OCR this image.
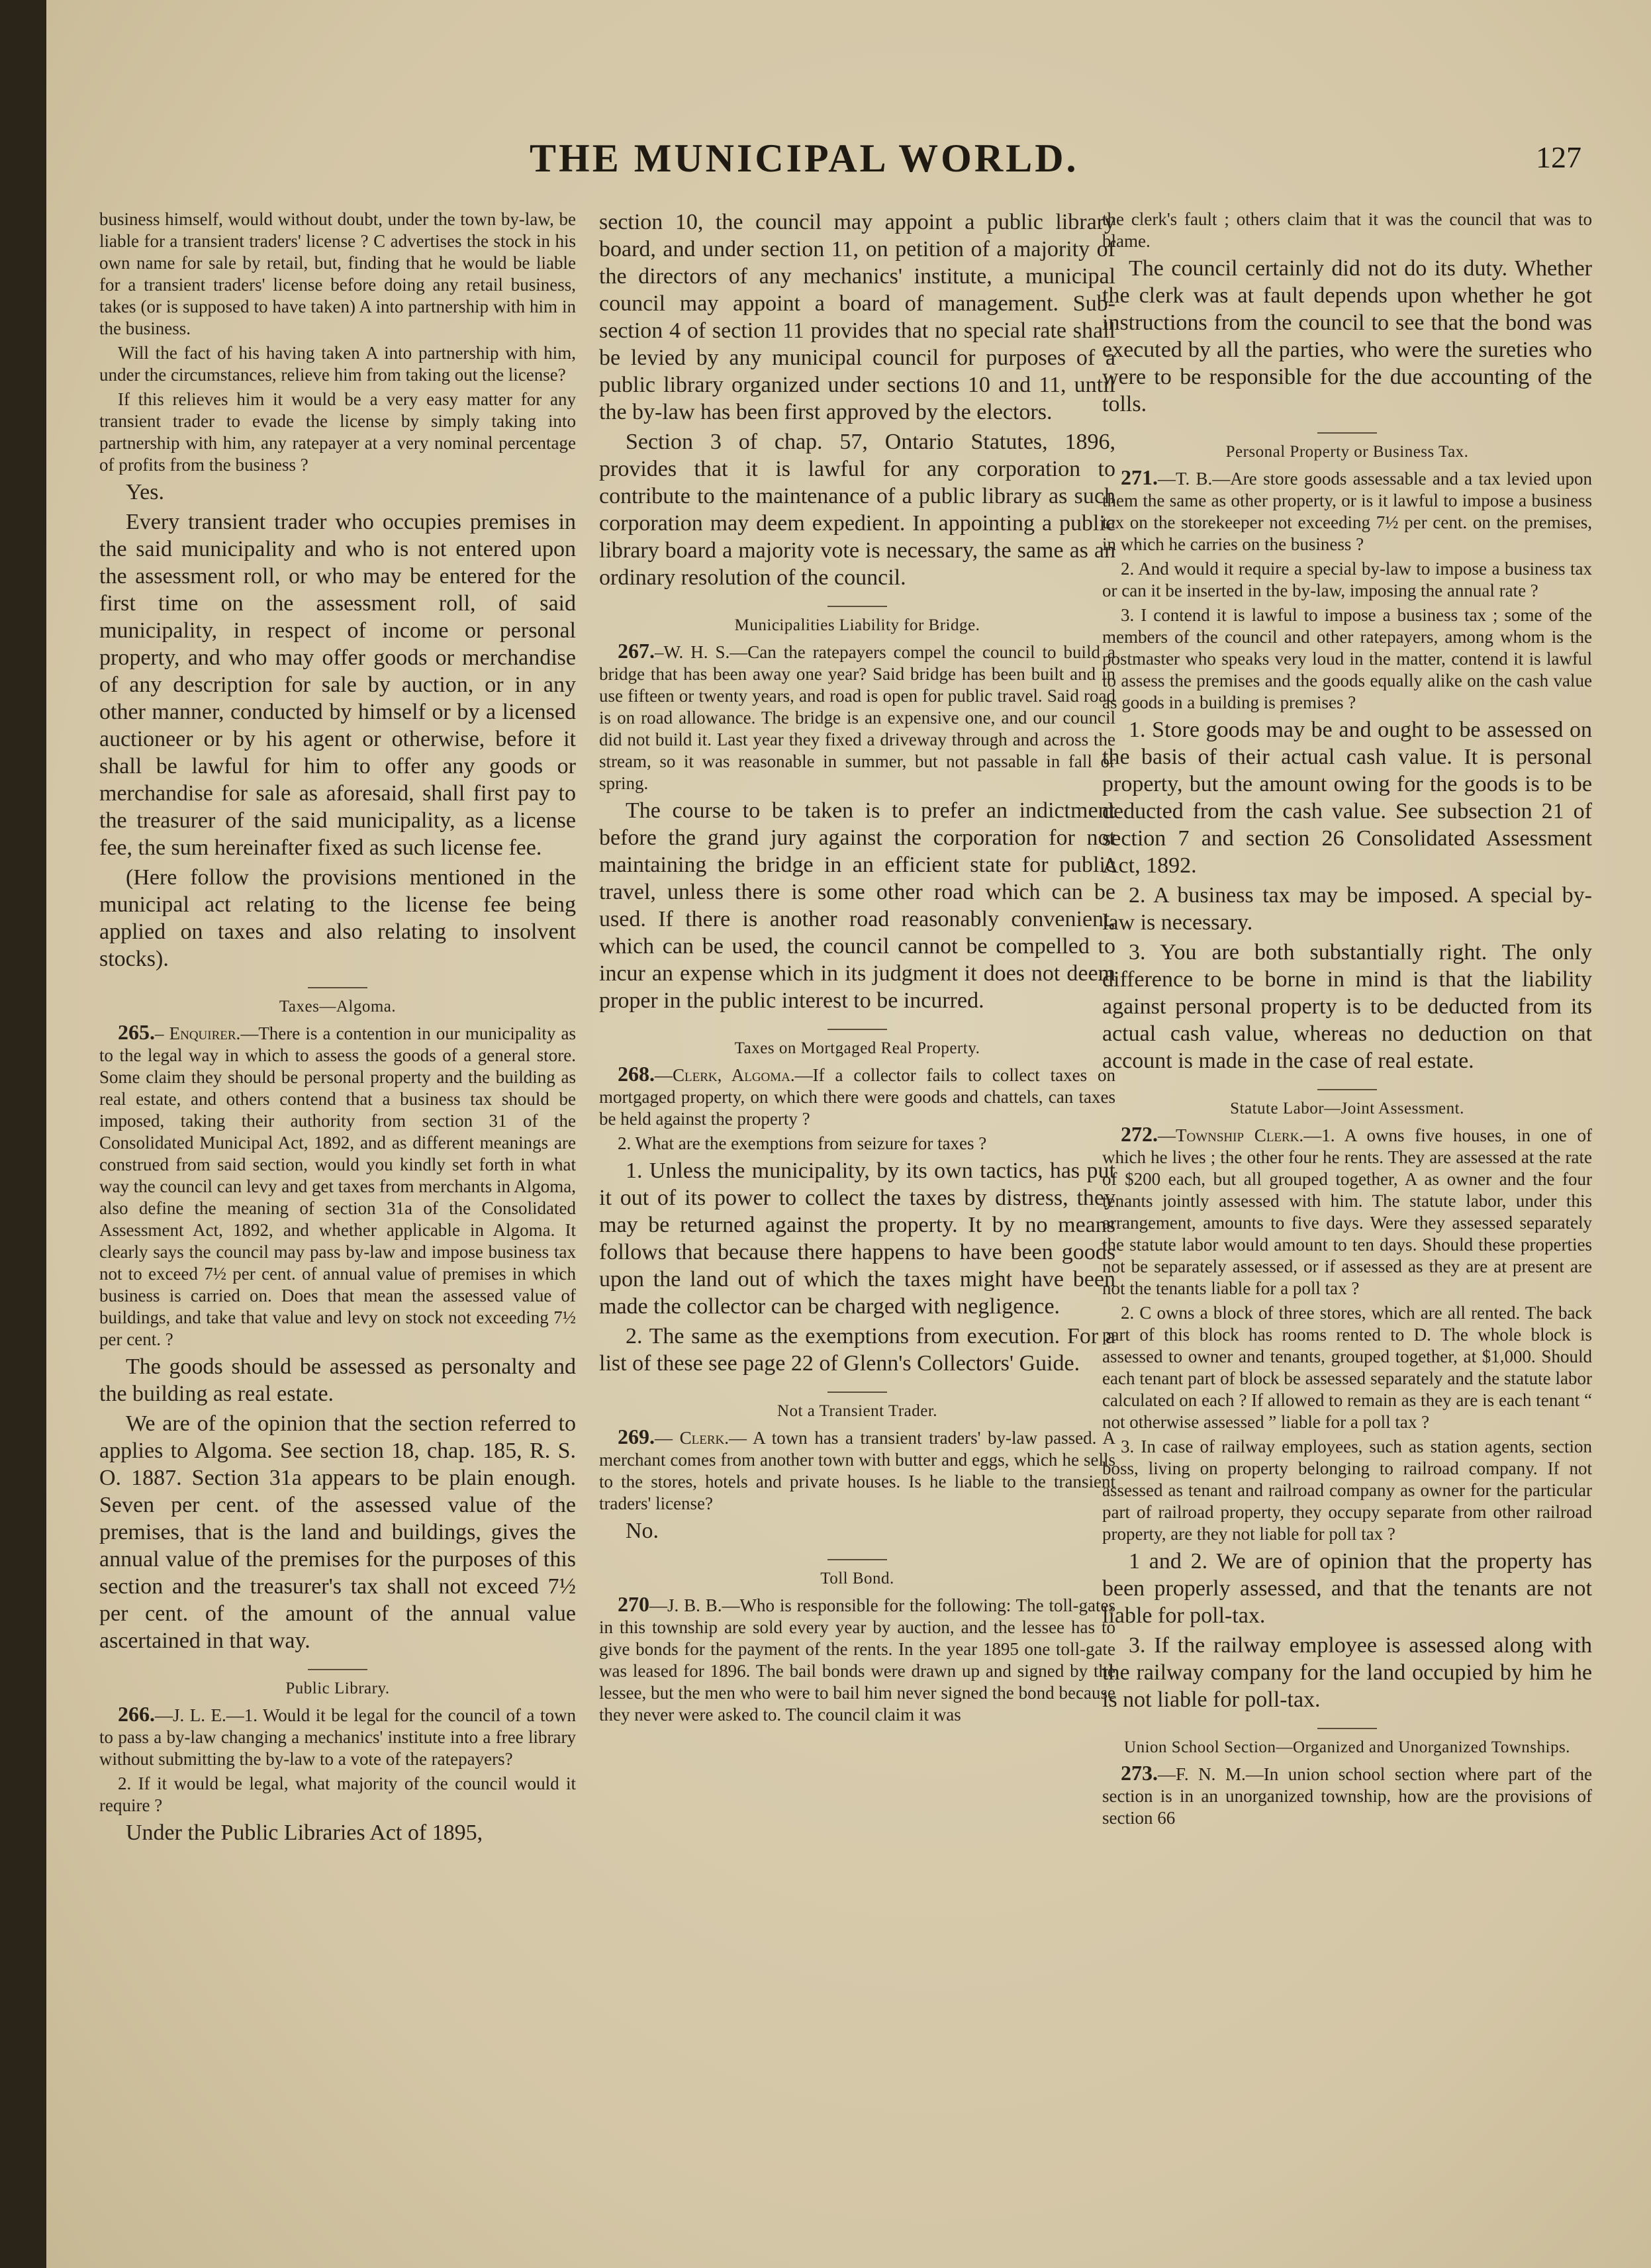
THE MUNICIPAL WORLD.	127

business himself, would without doubt, under the town by-law, be liable for a transient traders' license ? C advertises the stock in his own name for sale by retail, but, finding that he would be liable for a transient traders' license before doing any retail business, takes (or is supposed to have taken) A into partnership with him in the business.

Will the fact of his having taken A into partnership with him, under the circumstances, relieve him from taking out the license?

If this relieves him it would be a very easy matter for any transient trader to evade the license by simply taking into partnership with him, any ratepayer at a very nominal percentage of profits from the business ?

Yes.

Every transient trader who occupies premises in the said municipality and who is not entered upon the assessment roll, or who may be entered for the first time on the assessment roll, of said municipality, in respect of income or personal property, and who may offer goods or merchandise of any description for sale by auction, or in any other manner, conducted by himself or by a licensed auctioneer or by his agent or otherwise, before it shall be lawful for him to offer any goods or merchandise for sale as aforesaid, shall first pay to the treasurer of the said municipality, as a license fee, the sum hereinafter fixed as such license fee.

(Here follow the provisions mentioned in the municipal act relating to the license fee being applied on taxes and also relating to insolvent stocks).

Taxes—Algoma.

265.– Enquirer.—There is a contention in our municipality as to the legal way in which to assess the goods of a general store. Some claim they should be personal property and the building as real estate, and others contend that a business tax should be imposed, taking their authority from section 31 of the Consolidated Municipal Act, 1892, and as different meanings are construed from said section, would you kindly set forth in what way the council can levy and get taxes from merchants in Algoma, also define the meaning of section 31a of the Consolidated Assessment Act, 1892, and whether applicable in Algoma. It clearly says the council may pass by-law and impose business tax not to exceed 7½ per cent. of annual value of premises in which business is carried on. Does that mean the assessed value of buildings, and take that value and levy on stock not exceeding 7½ per cent. ?

The goods should be assessed as personalty and the building as real estate.

We are of the opinion that the section referred to applies to Algoma. See section 18, chap. 185, R. S. O. 1887. Section 31a appears to be plain enough. Seven per cent. of the assessed value of the premises, that is the land and buildings, gives the annual value of the premises for the purposes of this section and the treasurer's tax shall not exceed 7½ per cent. of the amount of the annual value ascertained in that way.

Public Library.

266.—J. L. E.—1. Would it be legal for the council of a town to pass a by-law changing a mechanics' institute into a free library without submitting the by-law to a vote of the ratepayers?

2. If it would be legal, what majority of the council would it require ?

Under the Public Libraries Act of 1895,

section 10, the council may appoint a public library board, and under section 11, on petition of a majority of the directors of any mechanics' institute, a municipal council may appoint a board of management. Sub-section 4 of section 11 provides that no special rate shall be levied by any municipal council for purposes of a public library organized under sections 10 and 11, until the by-law has been first approved by the electors.

Section 3 of chap. 57, Ontario Statutes, 1896, provides that it is lawful for any corporation to contribute to the maintenance of a public library as such corporation may deem expedient. In appointing a public library board a majority vote is necessary, the same as an ordinary resolution of the council.

Municipalities Liability for Bridge.

267.–W. H. S.—Can the ratepayers compel the council to build a bridge that has been away one year? Said bridge has been built and in use fifteen or twenty years, and road is open for public travel. Said road is on road allowance. The bridge is an expensive one, and our council did not build it. Last year they fixed a driveway through and across the stream, so it was reasonable in summer, but not passable in fall or spring.

The course to be taken is to prefer an indictment before the grand jury against the corporation for not maintaining the bridge in an efficient state for public travel, unless there is some other road which can be used. If there is another road reasonably convenient, which can be used, the council cannot be compelled to incur an expense which in its judgment it does not deem proper in the public interest to be incurred.

Taxes on Mortgaged Real Property.

268.—Clerk, Algoma.—If a collector fails to collect taxes on mortgaged property, on which there were goods and chattels, can taxes be held against the property ?

2. What are the exemptions from seizure for taxes ?

1. Unless the municipality, by its own tactics, has put it out of its power to collect the taxes by distress, they may be returned against the property. It by no means follows that because there happens to have been goods upon the land out of which the taxes might have been made the collector can be charged with negligence.

2. The same as the exemptions from execution. For a list of these see page 22 of Glenn's Collectors' Guide.

Not a Transient Trader.

269.— Clerk.— A town has a transient traders' by-law passed. A merchant comes from another town with butter and eggs, which he sells to the stores, hotels and private houses. Is he liable to the transient traders' license?

No.

Toll Bond.

270—J. B. B.—Who is responsible for the following: The toll-gates in this township are sold every year by auction, and the lessee has to give bonds for the payment of the rents. In the year 1895 one toll-gate was leased for 1896. The bail bonds were drawn up and signed by the lessee, but the men who were to bail him never signed the bond because they never were asked to. The council claim it was

the clerk's fault ; others claim that it was the council that was to blame.

The council certainly did not do its duty. Whether the clerk was at fault depends upon whether he got instructions from the council to see that the bond was executed by all the parties, who were the sureties who were to be responsible for the due accounting of the tolls.

Personal Property or Business Tax.

271.—T. B.—Are store goods assessable and a tax levied upon them the same as other property, or is it lawful to impose a business tax on the storekeeper not exceeding 7½ per cent. on the premises, in which he carries on the business ?

2. And would it require a special by-law to impose a business tax or can it be inserted in the by-law, imposing the annual rate ?

3. I contend it is lawful to impose a business tax ; some of the members of the council and other ratepayers, among whom is the postmaster who speaks very loud in the matter, contend it is lawful to assess the premises and the goods equally alike on the cash value as goods in a building is premises ?

1. Store goods may be and ought to be assessed on the basis of their actual cash value. It is personal property, but the amount owing for the goods is to be deducted from the cash value. See subsection 21 of section 7 and section 26 Consolidated Assessment Act, 1892.

2. A business tax may be imposed. A special by-law is necessary.

3. You are both substantially right. The only difference to be borne in mind is that the liability against personal property is to be deducted from its actual cash value, whereas no deduction on that account is made in the case of real estate.

Statute Labor—Joint Assessment.

272.—Township Clerk.—1. A owns five houses, in one of which he lives ; the other four he rents. They are assessed at the rate of $200 each, but all grouped together, A as owner and the four tenants jointly assessed with him. The statute labor, under this arrangement, amounts to five days. Were they assessed separately the statute labor would amount to ten days. Should these properties not be separately assessed, or if assessed as they are at present are not the tenants liable for a poll tax ?

2. C owns a block of three stores, which are all rented. The back part of this block has rooms rented to D. The whole block is assessed to owner and tenants, grouped together, at $1,000. Should each tenant part of block be assessed separately and the statute labor calculated on each ? If allowed to remain as they are is each tenant “ not otherwise assessed ” liable for a poll tax ?

3. In case of railway employees, such as station agents, section boss, living on property belonging to railroad company. If not assessed as tenant and railroad company as owner for the particular part of railroad property, they occupy separate from other railroad property, are they not liable for poll tax ?

1 and 2. We are of opinion that the property has been properly assessed, and that the tenants are not liable for poll-tax.

3. If the railway employee is assessed along with the railway company for the land occupied by him he is not liable for poll-tax.

Union School Section—Organized and Unorganized Townships.

273.—F. N. M.—In union school section where part of the section is in an unorganized township, how are the provisions of section 66
